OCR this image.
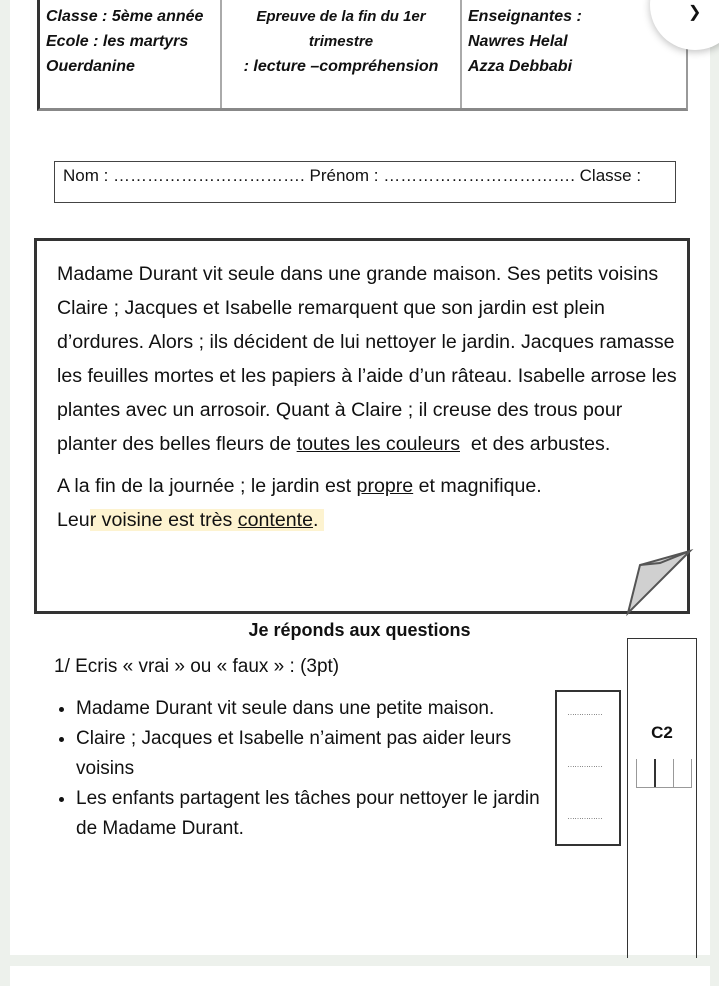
Classe : 5ème année
Ecole : les martyrs
Ouerdanine
Epreuve de la fin du 1er
trimestre
: lecture –compréhension
Enseignantes :
Nawres Helal
Azza Debbabi
❯
Nom : ……………………………. Prénom : ……………………………. Classe :

Madame Durant vit seule dans une grande maison. Ses petits voisins Claire ; Jacques et Isabelle remarquent que son jardin est plein d’ordures. Alors ; ils décident de lui nettoyer le jardin. Jacques ramasse les feuilles mortes et les papiers à l’aide d’un râteau. Isabelle arrose les plantes avec un arrosoir. Quant à Claire ; il creuse des trous pour planter des belles fleurs de toutes les couleurs  et des arbustes.

A la fin de la journée ; le jardin est propre et magnifique.
Leur voisine est très contente.

Je réponds aux questions
1/ Ecris « vrai » ou « faux » : (3pt)
• Madame Durant vit seule dans une petite maison.
• Claire ; Jacques et Isabelle n’aiment pas aider leurs voisins
• Les enfants partagent les tâches pour nettoyer le jardin de Madame Durant.
……………
……………
……………
C2
